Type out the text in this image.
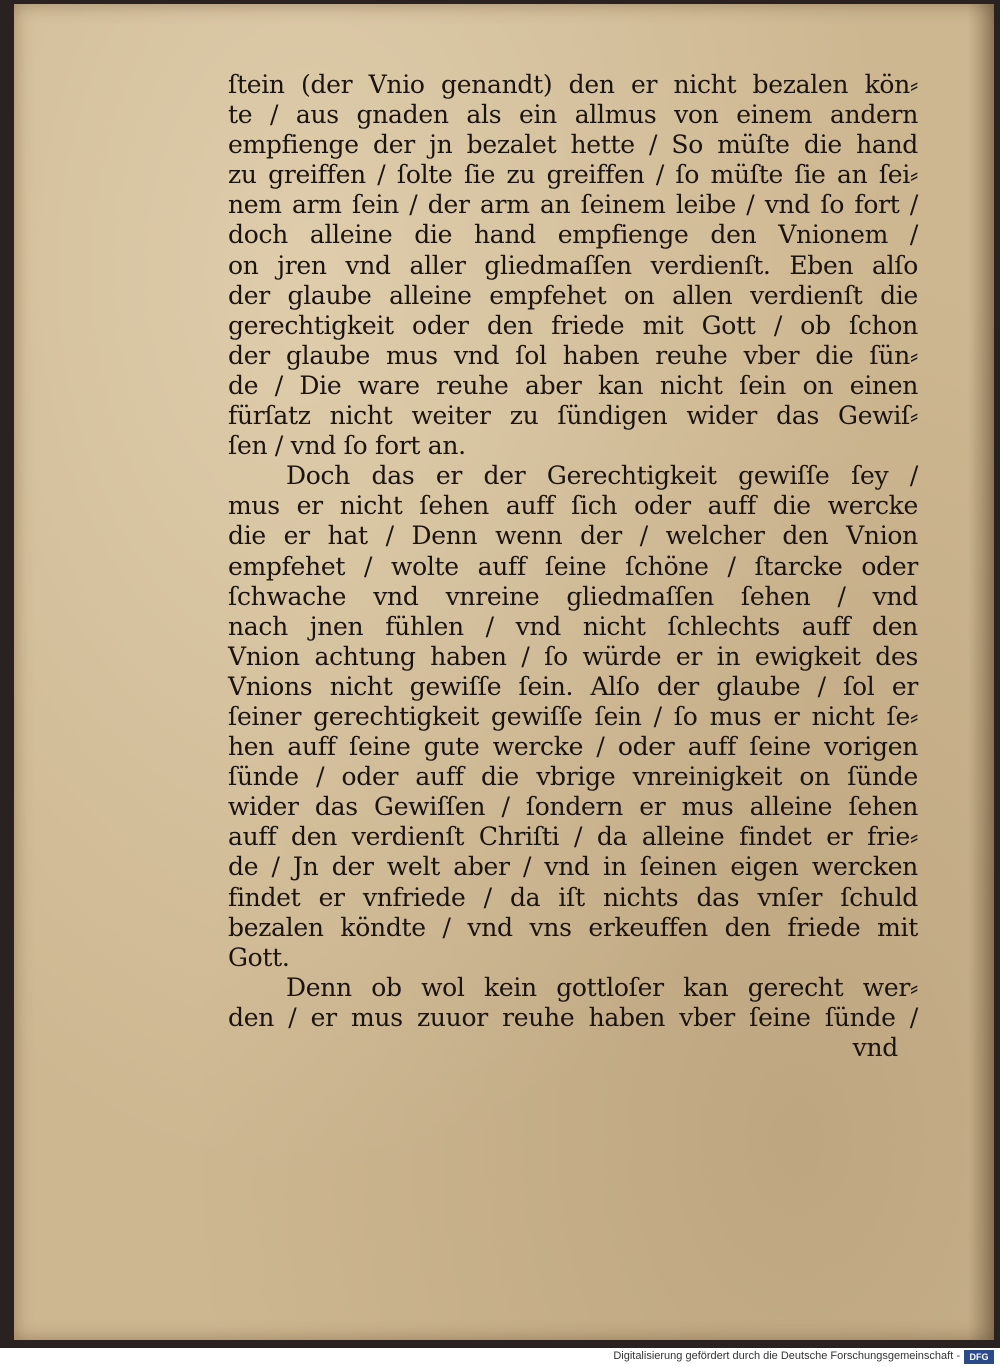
ſtein (der Vnio genandt) den er nicht bezalen kön⸗
te / aus gnaden als ein allmus von einem andern
empfienge der jn bezalet hette / So müſte die hand
zu greiffen / ſolte ſie zu greiffen / ſo müſte ſie an ſei⸗
nem arm ſein / der arm an ſeinem leibe / vnd ſo fort /
doch alleine die hand empfienge den Vnionem /
on jren vnd aller gliedmaſſen verdienſt. Eben alſo
der glaube alleine empfehet on allen verdienſt die
gerechtigkeit oder den friede mit Gott / ob ſchon
der glaube mus vnd ſol haben reuhe vber die ſün⸗
de / Die ware reuhe aber kan nicht ſein on einen
fürſatz nicht weiter zu ſündigen wider das Gewiſ⸗
ſen / vnd ſo fort an.
Doch das er der Gerechtigkeit gewiſſe ſey /
mus er nicht ſehen auff ſich oder auff die wercke
die er hat / Denn wenn der / welcher den Vnion
empfehet / wolte auff ſeine ſchöne / ſtarcke oder
ſchwache vnd vnreine gliedmaſſen ſehen / vnd
nach jnen fühlen / vnd nicht ſchlechts auff den
Vnion achtung haben / ſo würde er in ewigkeit des
Vnions nicht gewiſſe ſein. Alſo der glaube / ſol er
ſeiner gerechtigkeit gewiſſe ſein / ſo mus er nicht ſe⸗
hen auff ſeine gute wercke / oder auff ſeine vorigen
ſünde / oder auff die vbrige vnreinigkeit on ſünde
wider das Gewiſſen / ſondern er mus alleine ſehen
auff den verdienſt Chriſti / da alleine findet er frie⸗
de / Jn der welt aber / vnd in ſeinen eigen wercken
findet er vnfriede / da iſt nichts das vnſer ſchuld
bezalen köndte / vnd vns erkeuffen den friede mit
Gott.
Denn ob wol kein gottloſer kan gerecht wer⸗
den / er mus zuuor reuhe haben vber ſeine ſünde /
vnd
Digitalisierung gefördert durch die Deutsche Forschungsgemeinschaft -	DFG
